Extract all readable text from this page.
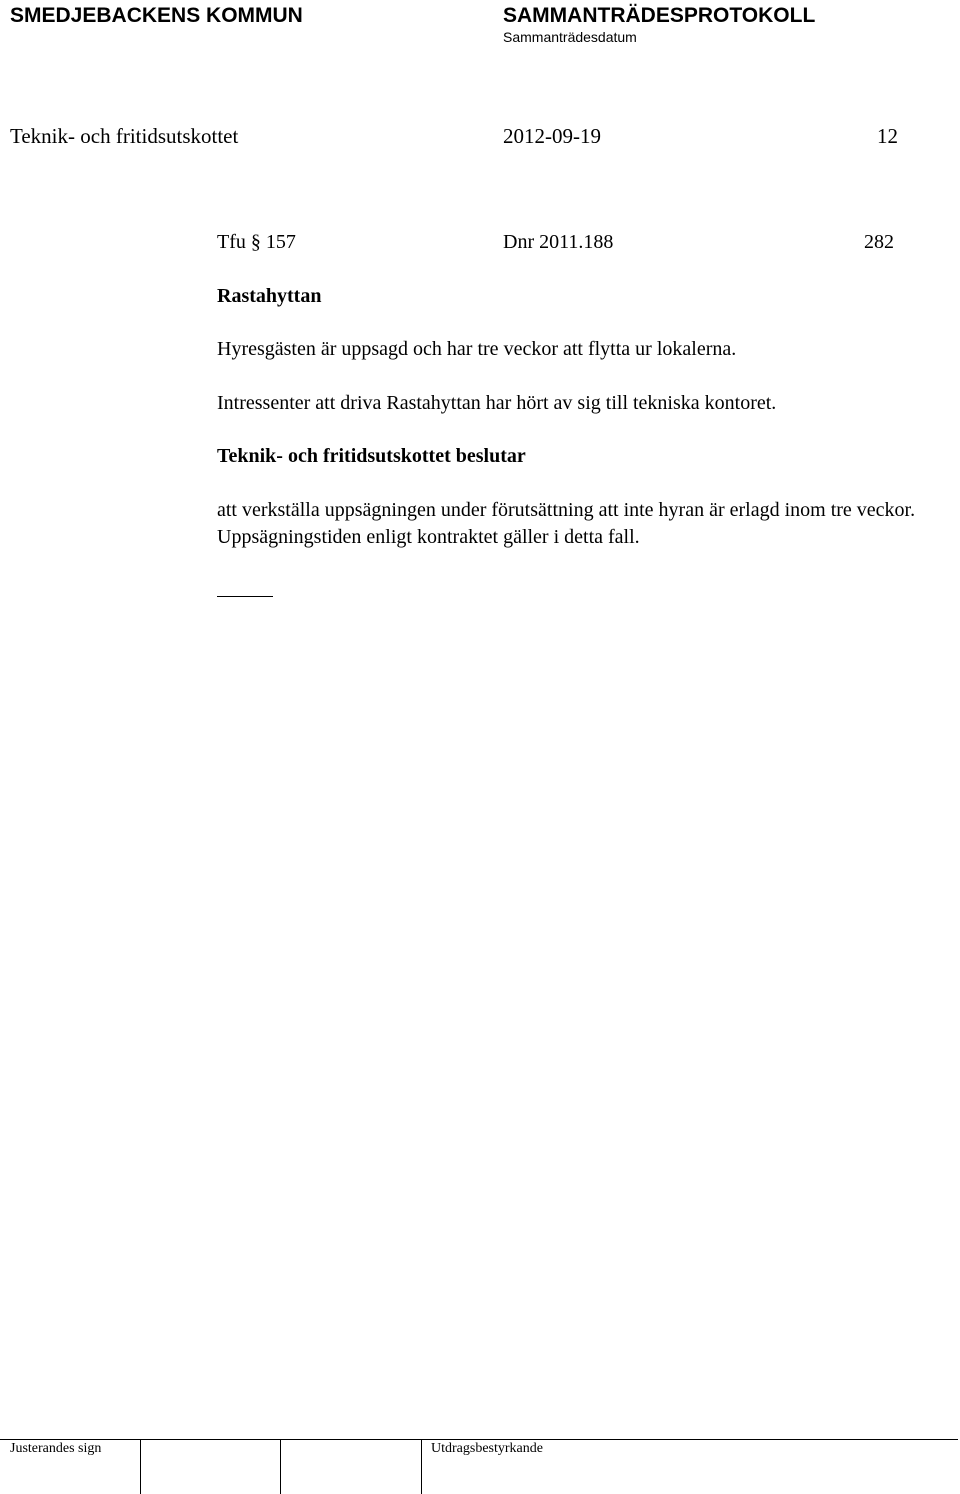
SMEDJEBACKENS KOMMUN	SAMMANTRÄDESPROTOKOLL
Sammanträdesdatum
Teknik- och fritidsutskottet	2012-09-19	12
Tfu § 157	Dnr 2011.188	282
Rastahyttan
Hyresgästen är uppsagd och har tre veckor att flytta ur lokalerna.
Intressenter att driva Rastahyttan har hört av sig till tekniska kontoret.
Teknik- och fritidsutskottet beslutar
att verkställa uppsägningen under förutsättning att inte hyran är erlagd inom tre veckor. Uppsägningstiden enligt kontraktet gäller i detta fall.
Justerandes sign	Utdragsbestyrkande
